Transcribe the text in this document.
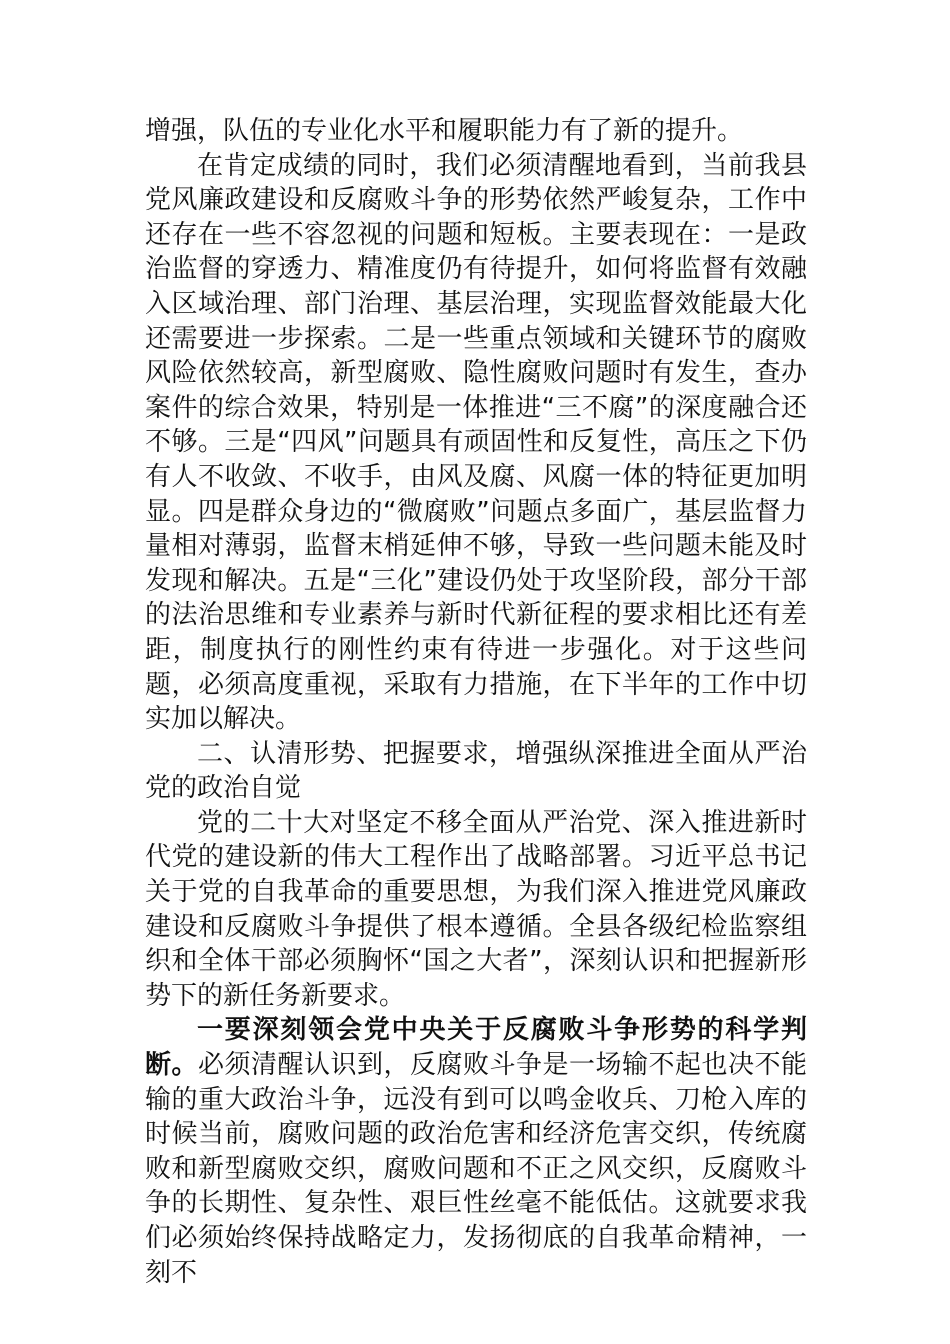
增强，队伍的专业化水平和履职能力有了新的提升。

在肯定成绩的同时，我们必须清醒地看到，当前我县党风廉政建设和反腐败斗争的形势依然严峻复杂，工作中还存在一些不容忽视的问题和短板。主要表现在：一是政治监督的穿透力、精准度仍有待提升，如何将监督有效融入区域治理、部门治理、基层治理，实现监督效能最大化还需要进一步探索。二是一些重点领域和关键环节的腐败风险依然较高，新型腐败、隐性腐败问题时有发生，查办案件的综合效果，特别是一体推进“三不腐”的深度融合还不够。三是“四风”问题具有顽固性和反复性，高压之下仍有人不收敛、不收手，由风及腐、风腐一体的特征更加明显。四是群众身边的“微腐败”问题点多面广，基层监督力量相对薄弱，监督末梢延伸不够，导致一些问题未能及时发现和解决。五是“三化”建设仍处于攻坚阶段，部分干部的法治思维和专业素养与新时代新征程的要求相比还有差距，制度执行的刚性约束有待进一步强化。对于这些问题，必须高度重视，采取有力措施，在下半年的工作中切实加以解决。

二、认清形势、把握要求，增强纵深推进全面从严治党的政治自觉

党的二十大对坚定不移全面从严治党、深入推进新时代党的建设新的伟大工程作出了战略部署。习近平总书记关于党的自我革命的重要思想，为我们深入推进党风廉政建设和反腐败斗争提供了根本遵循。全县各级纪检监察组织和全体干部必须胸怀“国之大者”，深刻认识和把握新形势下的新任务新要求。

一要深刻领会党中央关于反腐败斗争形势的科学判断。必须清醒认识到，反腐败斗争是一场输不起也决不能输的重大政治斗争，远没有到可以鸣金收兵、刀枪入库的时候当前，腐败问题的政治危害和经济危害交织，传统腐败和新型腐败交织，腐败问题和不正之风交织，反腐败斗争的长期性、复杂性、艰巨性丝毫不能低估。这就要求我们必须始终保持战略定力，发扬彻底的自我革命精神，一刻不
